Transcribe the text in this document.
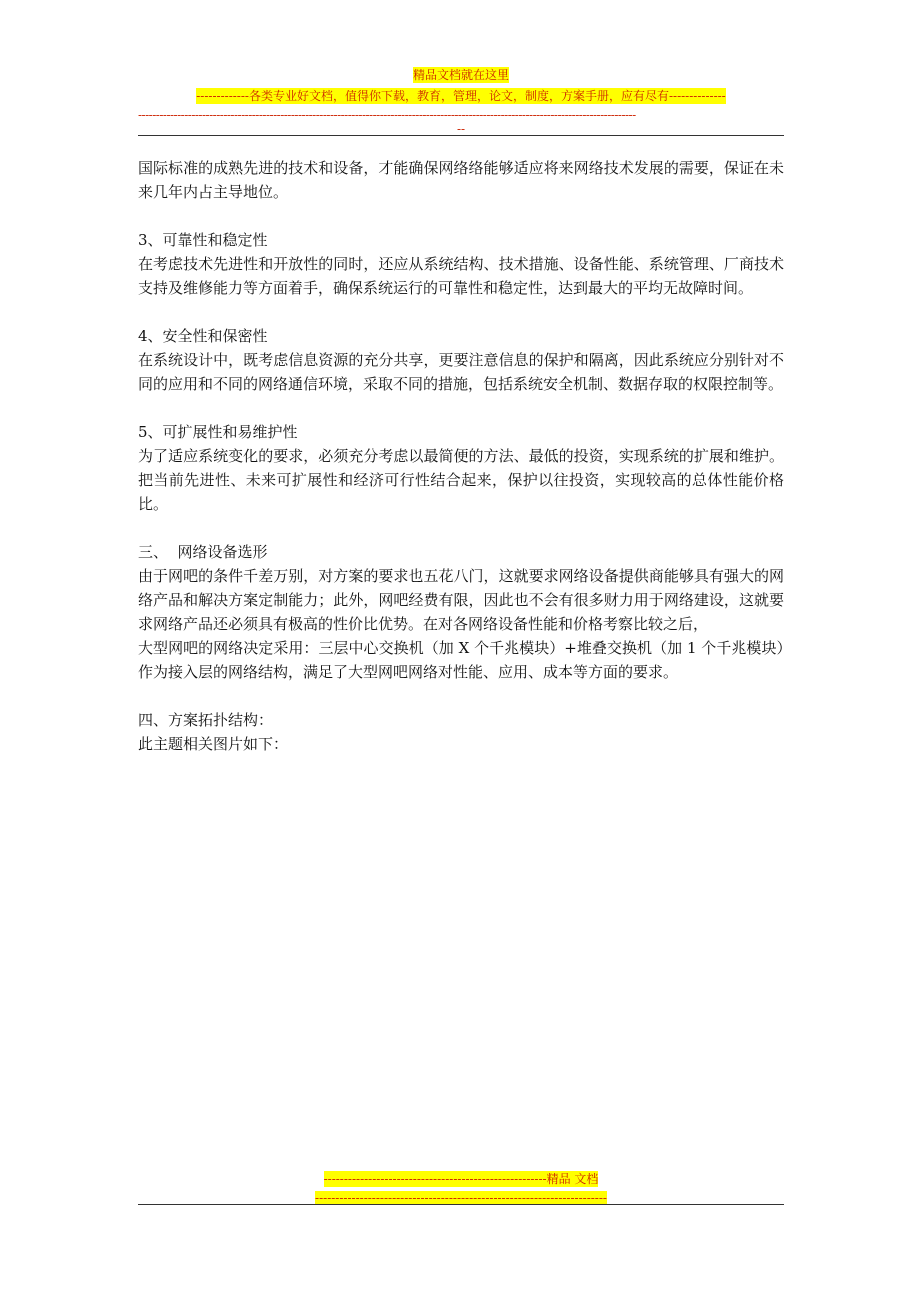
精品文档就在这里
-------------各类专业好文档，值得你下载，教育，管理，论文，制度，方案手册，应有尽有--------------
--------------------------------------------------------------------------------------------------------------------------------------------
--

国际标准的成熟先进的技术和设备，才能确保网络络能够适应将来网络技术发展的需要，保证在未来几年内占主导地位。

3、可靠性和稳定性

在考虑技术先进性和开放性的同时，还应从系统结构、技术措施、设备性能、系统管理、厂商技术支持及维修能力等方面着手，确保系统运行的可靠性和稳定性，达到最大的平均无故障时间。

4、安全性和保密性

在系统设计中，既考虑信息资源的充分共享，更要注意信息的保护和隔离，因此系统应分别针对不同的应用和不同的网络通信环境，采取不同的措施，包括系统安全机制、数据存取的权限控制等。

5、可扩展性和易维护性

为了适应系统变化的要求，必须充分考虑以最简便的方法、最低的投资，实现系统的扩展和维护。把当前先进性、未来可扩展性和经济可行性结合起来，保护以往投资，实现较高的总体性能价格比。

三、  网络设备选形

由于网吧的条件千差万别，对方案的要求也五花八门，这就要求网络设备提供商能够具有强大的网络产品和解决方案定制能力；此外，网吧经费有限，因此也不会有很多财力用于网络建设，这就要求网络产品还必须具有极高的性价比优势。在对各网络设备性能和价格考察比较之后，

大型网吧的网络决定采用：三层中心交换机（加 X 个千兆模块）+堆叠交换机（加 1 个千兆模块）作为接入层的网络结构，满足了大型网吧网络对性能、应用、成本等方面的要求。

四、方案拓扑结构：

此主题相关图片如下：

-------------------------------------------------------精品 文档
------------------------------------------------------------------------
